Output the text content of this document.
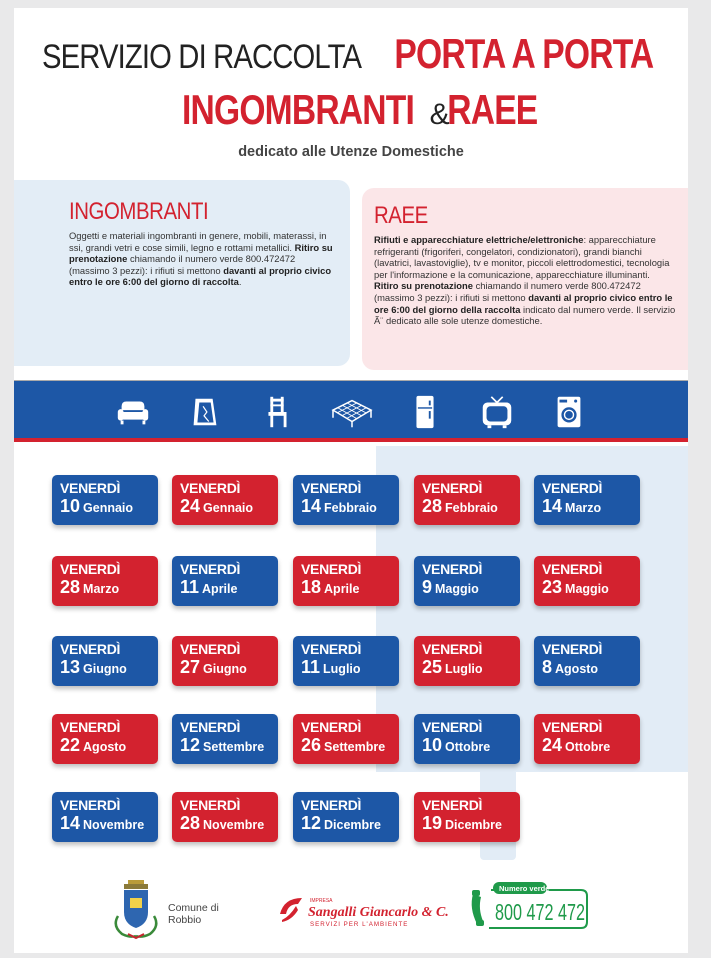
SERVIZIO DI RACCOLTA PORTA A PORTA
INGOMBRANTI & RAEE
dedicato alle Utenze Domestiche
INGOMBRANTI

Oggetti e materiali ingombranti in genere, mobili, materassi, in ssi, grandi vetri e cose simili, legno e rottami metallici. Ritiro su prenotazione chiamando il numero verde 800.472472 (massimo 3 pezzi): i rifiuti si mettono davanti al proprio civico entro le ore 6:00 del giorno di raccolta.

RAEE

Rifiuti e apparecchiature elettriche/elettroniche: apparecchiature refrigeranti (frigoriferi, congelatori, condizionatori), grandi bianchi (lavatrici, lavastoviglie), tv e monitor, piccoli elettrodomestici, tecnologia per l'informazione e la comunicazione, apparecchiature illuminanti. Ritiro su prenotazione chiamando il numero verde 800.472472 (massimo 3 pezzi): i rifiuti si mettono davanti al proprio civico entro le ore 6:00 del giorno della raccolta indicato dal numero verde. Il servizio Ã¨ dedicato alle sole utenze domestiche.

VENERDÌ
10 Gennaio
VENERDÌ
24 Gennaio
VENERDÌ
14 Febbraio
VENERDÌ
28 Febbraio
VENERDÌ
14 Marzo
VENERDÌ
28 Marzo
VENERDÌ
11 Aprile
VENERDÌ
18 Aprile
VENERDÌ
9 Maggio
VENERDÌ
23 Maggio
VENERDÌ
13 Giugno
VENERDÌ
27 Giugno
VENERDÌ
11 Luglio
VENERDÌ
25 Luglio
VENERDÌ
8 Agosto
VENERDÌ
22 Agosto
VENERDÌ
12 Settembre
VENERDÌ
26 Settembre
VENERDÌ
10 Ottobre
VENERDÌ
24 Ottobre
VENERDÌ
14 Novembre
VENERDÌ
28 Novembre
VENERDÌ
12 Dicembre
VENERDÌ
19 Dicembre
Comune di
Robbio
IMPRESA
Sangalli Giancarlo & C.
SERVIZI PER L'AMBIENTE
Numero verde
800 472 472
